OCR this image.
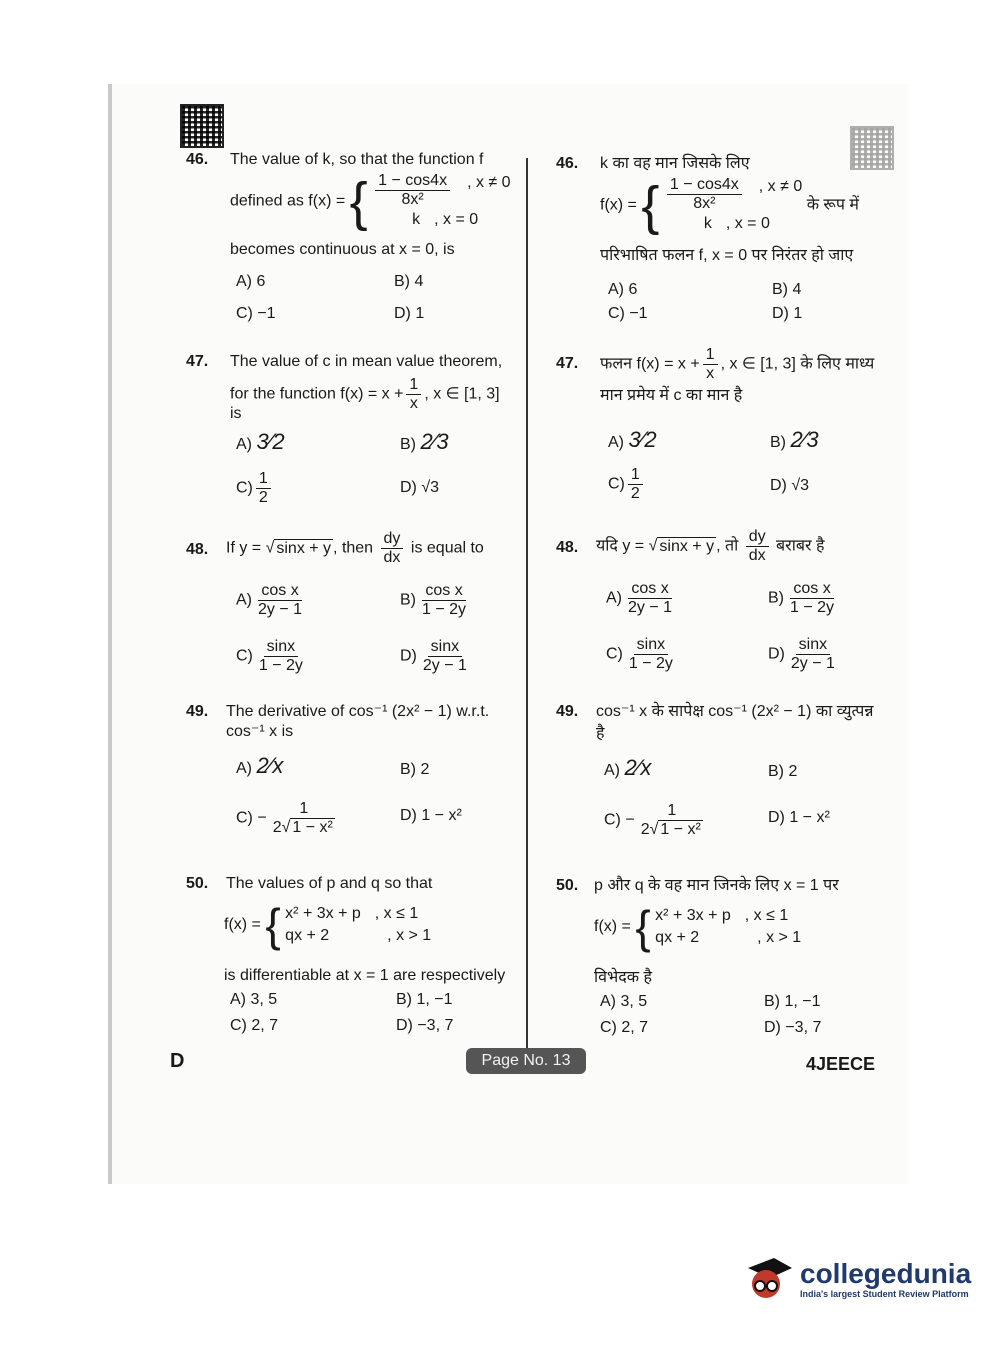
46. The value of k, so that the function f
defined as f(x) = { $\frac{1 - \cos 4x}{\text{8x²}}$ , x ≠ 0
k , x = 0
becomes continuous at x = 0, is
A) 6	B) 4
C) −1	D) 1
47. The value of c in mean value theorem,
for the function $f(x) = x + \frac{1}{x}$ , x ∈ [1, 3]
is
A) 3⁄2	B) 2⁄3
$C) \frac{1}{2}$	D) √3
48. If y = √ sinx + y , then $\frac{dy}{dx}$ is equal to
$A) \frac{\text{cos x}}{2y - 1}$	$B) \frac{\text{cos x}}{1 - 2y}$
$C) \frac{\sin x}{1 - 2y}$	$D) \frac{\sin x}{2y - 1}$
49. The derivative of cos⁻¹ (2x² − 1) w.r.t.
cos⁻¹ x is
A) 2⁄x	B) 2
$C) - \frac{1}{\text{2√ 1 − x²}}$	D) 1 − x²
50. The values of p and q so that
f(x) = { x² + 3x + p , x ≤ 1
qx + 2	, x > 1
is differentiable at x = 1 are respectively
A) 3, 5	B) 1, −1
C) 2, 7	D) −3, 7
46. k का वह मान जिसके लिए
f(x) = { $\frac{1 - \cos 4x}{\text{8x²}}$ , x ≠ 0
k , x = 0
के रूप में
परिभाषित फलन f, x = 0 पर निरंतर हो जाए
A) 6	B) 4
C) −1	D) 1
47. फलन $f(x) = x + \frac{1}{x}$ , x ∈ [1, 3] के लिए माध्य
मान प्रमेय में c का मान है
A) 3⁄2	B) 2⁄3
$C) \frac{1}{2}$	D) √3
48. यदि y = √ sinx + y , तो $\frac{dy}{dx}$ बराबर है
$A) \frac{\text{cos x}}{2y - 1}$	$B) \frac{\text{cos x}}{1 - 2y}$
$C) \frac{\sin x}{1 - 2y}$	$D) \frac{\sin x}{2y - 1}$
49. cos⁻¹ x के सापेक्ष cos⁻¹ (2x² − 1) का व्युत्पन्न
है
A) 2⁄x	B) 2
$C) - \frac{1}{\text{2√ 1 − x²}}$	D) 1 − x²
50. p और q के वह मान जिनके लिए x = 1 पर
f(x) = { x² + 3x + p , x ≤ 1
qx + 2	, x > 1
विभेदक है
A) 3, 5	B) 1, −1
C) 2, 7	D) −3, 7
D	Page No. 13	4JEECE
collegedunia
India's largest Student Review Platform
